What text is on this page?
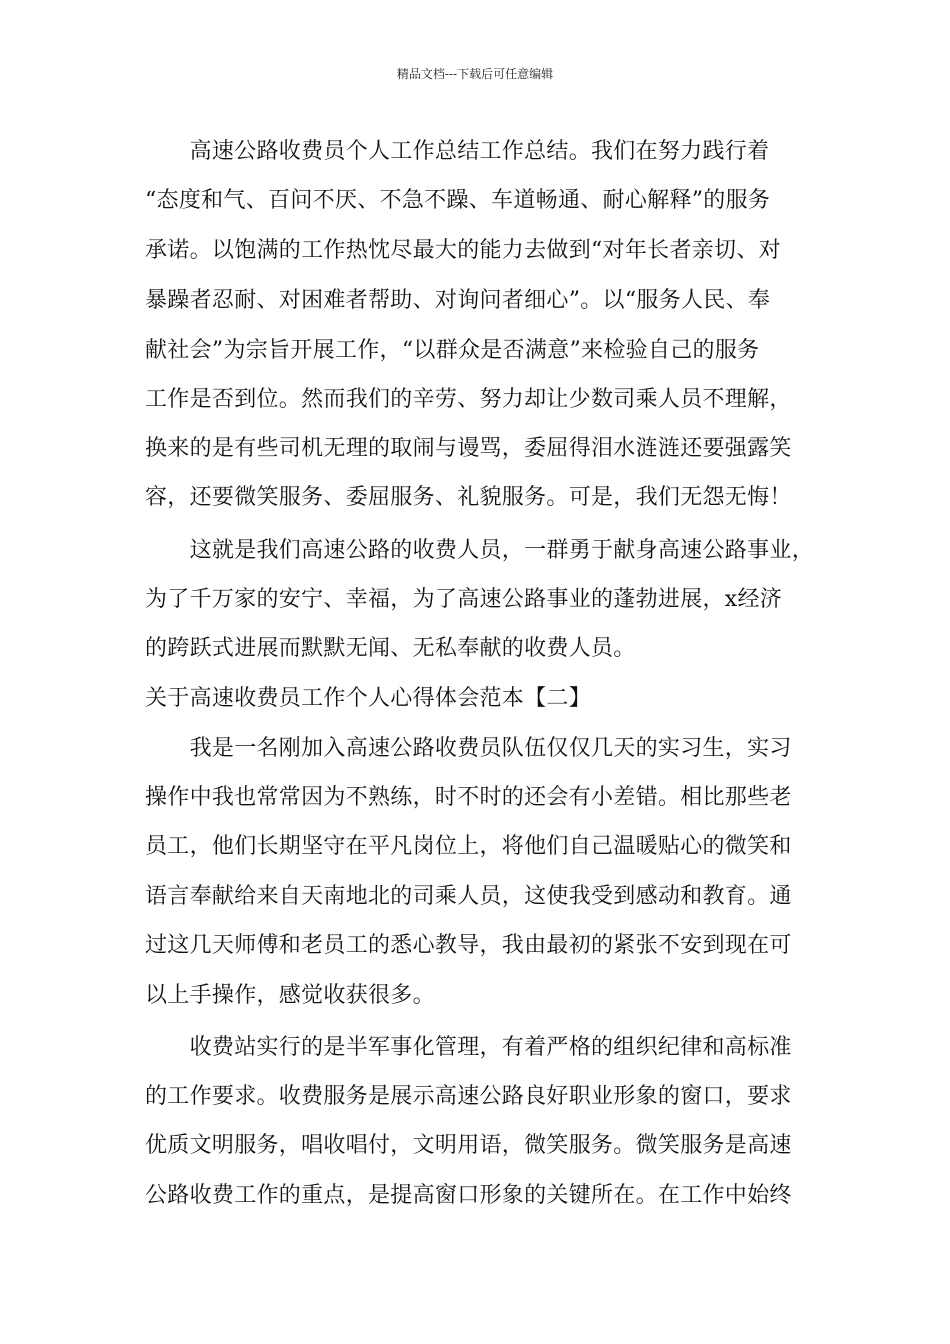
精品文档---下载后可任意编辑
　　高速公路收费员个人工作总结工作总结。我们在努力践行着
“态度和气、百问不厌、不急不躁、车道畅通、耐心解释”的服务
承诺。以饱满的工作热忱尽最大的能力去做到“对年长者亲切、对
暴躁者忍耐、对困难者帮助、对询问者细心”。以“服务人民、奉
献社会”为宗旨开展工作，“以群众是否满意”来检验自己的服务
工作是否到位。然而我们的辛劳、努力却让少数司乘人员不理解，
换来的是有些司机无理的取闹与谩骂，委屈得泪水涟涟还要强露笑
容，还要微笑服务、委屈服务、礼貌服务。可是，我们无怨无悔！
　　这就是我们高速公路的收费人员，一群勇于献身高速公路事业，
为了千万家的安宁、幸福，为了高速公路事业的蓬勃进展，x经济
的跨跃式进展而默默无闻、无私奉献的收费人员。
关于高速收费员工作个人心得体会范本【二】
　　我是一名刚加入高速公路收费员队伍仅仅几天的实习生，实习
操作中我也常常因为不熟练，时不时的还会有小差错。相比那些老
员工，他们长期坚守在平凡岗位上，将他们自己温暖贴心的微笑和
语言奉献给来自天南地北的司乘人员，这使我受到感动和教育。通
过这几天师傅和老员工的悉心教导，我由最初的紧张不安到现在可
以上手操作，感觉收获很多。
　　收费站实行的是半军事化管理，有着严格的组织纪律和高标准
的工作要求。收费服务是展示高速公路良好职业形象的窗口，要求
优质文明服务，唱收唱付，文明用语，微笑服务。微笑服务是高速
公路收费工作的重点，是提高窗口形象的关键所在。在工作中始终
